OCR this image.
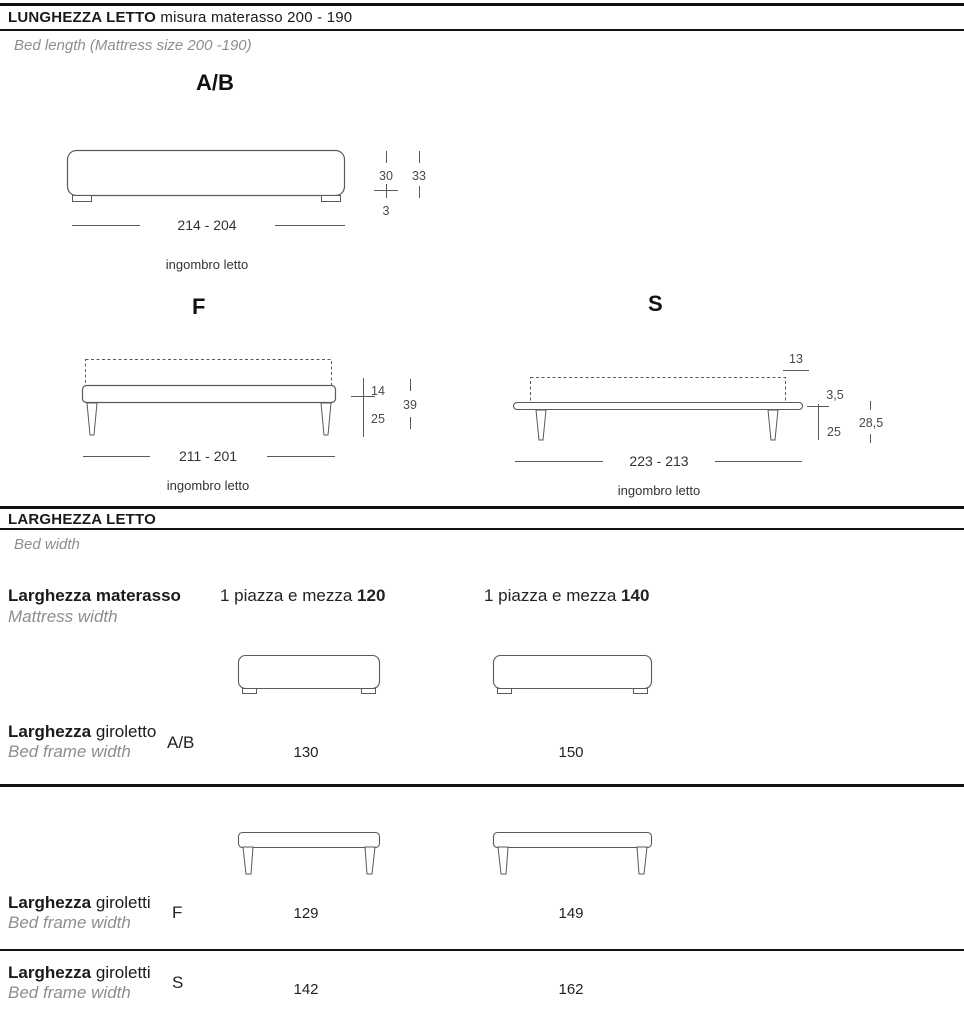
LUNGHEZZA LETTO misura materasso 200 - 190
Bed length (Mattress size 200 -190)
A/B
30
3
33
214 - 204
ingombro letto
F
14
25
39
211 - 201
ingombro letto
S
13
3,5
25
28,5
223 - 213
ingombro letto
LARGHEZZA LETTO
Bed width
Larghezza materasso
Mattress width
1 piazza e mezza 120	1 piazza e mezza 140
Larghezza giroletto
Bed frame width A/B
130	150
Larghezza giroletti
Bed frame width
F	129	149
Larghezza giroletti
Bed frame width
S	142	162
